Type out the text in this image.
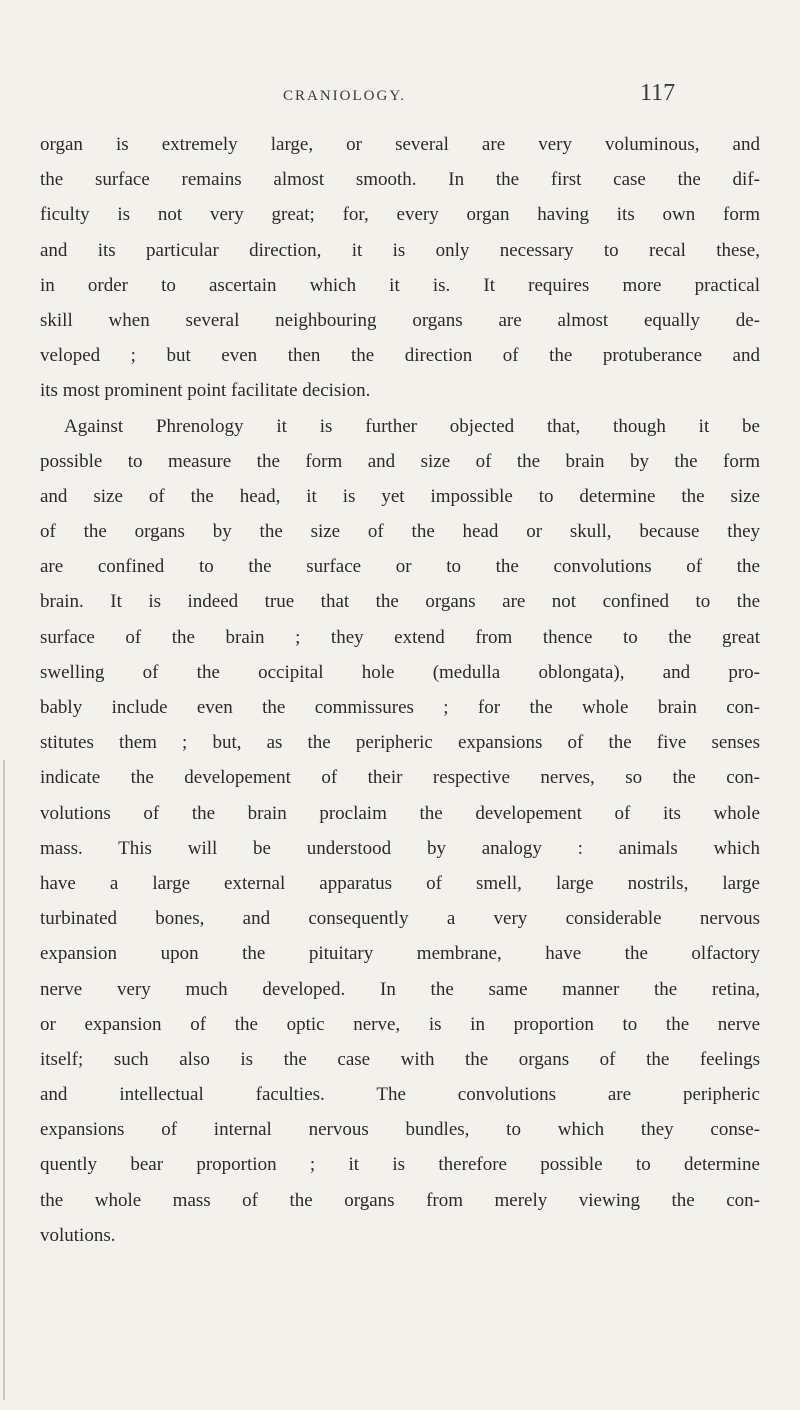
CRANIOLOGY.	117
organ is extremely large, or several are very voluminous, and
the surface remains almost smooth. In the first case the dif-
ficulty is not very great; for, every organ having its own form
and its particular direction, it is only necessary to recal these,
in order to ascertain which it is. It requires more practical
skill when several neighbouring organs are almost equally de-
veloped ; but even then the direction of the protuberance and
its most prominent point facilitate decision.
Against Phrenology it is further objected that, though it be
possible to measure the form and size of the brain by the form
and size of the head, it is yet impossible to determine the size
of the organs by the size of the head or skull, because they
are confined to the surface or to the convolutions of the
brain. It is indeed true that the organs are not confined to the
surface of the brain ; they extend from thence to the great
swelling of the occipital hole (medulla oblongata), and pro-
bably include even the commissures ; for the whole brain con-
stitutes them ; but, as the peripheric expansions of the five senses
indicate the developement of their respective nerves, so the con-
volutions of the brain proclaim the developement of its whole
mass. This will be understood by analogy : animals which
have a large external apparatus of smell, large nostrils, large
turbinated bones, and consequently a very considerable nervous
expansion upon the pituitary membrane, have the olfactory
nerve very much developed. In the same manner the retina,
or expansion of the optic nerve, is in proportion to the nerve
itself; such also is the case with the organs of the feelings
and intellectual faculties. The convolutions are peripheric
expansions of internal nervous bundles, to which they conse-
quently bear proportion ; it is therefore possible to determine
the whole mass of the organs from merely viewing the con-
volutions.
